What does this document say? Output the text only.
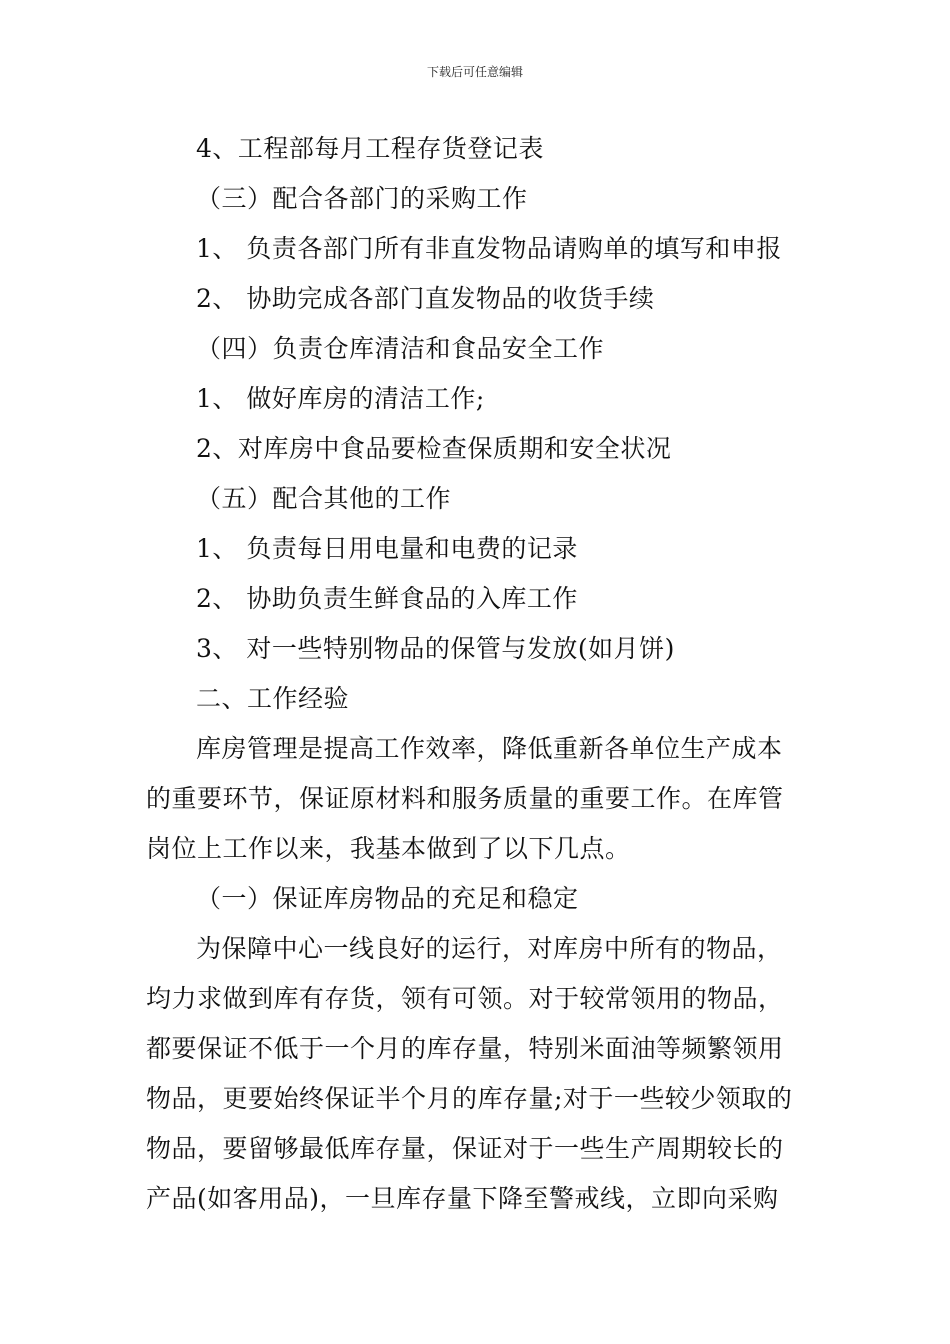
下载后可任意编辑
4、工程部每月工程存货登记表
（三）配合各部门的采购工作
1、 负责各部门所有非直发物品请购单的填写和申报
2、 协助完成各部门直发物品的收货手续
（四）负责仓库清洁和食品安全工作
1、 做好库房的清洁工作;
2、对库房中食品要检查保质期和安全状况
（五）配合其他的工作
1、 负责每日用电量和电费的记录
2、 协助负责生鲜食品的入库工作
3、 对一些特别物品的保管与发放(如月饼)
二、工作经验
库房管理是提高工作效率，降低重新各单位生产成本
的重要环节，保证原材料和服务质量的重要工作。在库管
岗位上工作以来，我基本做到了以下几点。
（一）保证库房物品的充足和稳定
为保障中心一线良好的运行，对库房中所有的物品，
均力求做到库有存货，领有可领。对于较常领用的物品，
都要保证不低于一个月的库存量，特别米面油等频繁领用
物品，更要始终保证半个月的库存量;对于一些较少领取的
物品，要留够最低库存量，保证对于一些生产周期较长的
产品(如客用品)，一旦库存量下降至警戒线，立即向采购
